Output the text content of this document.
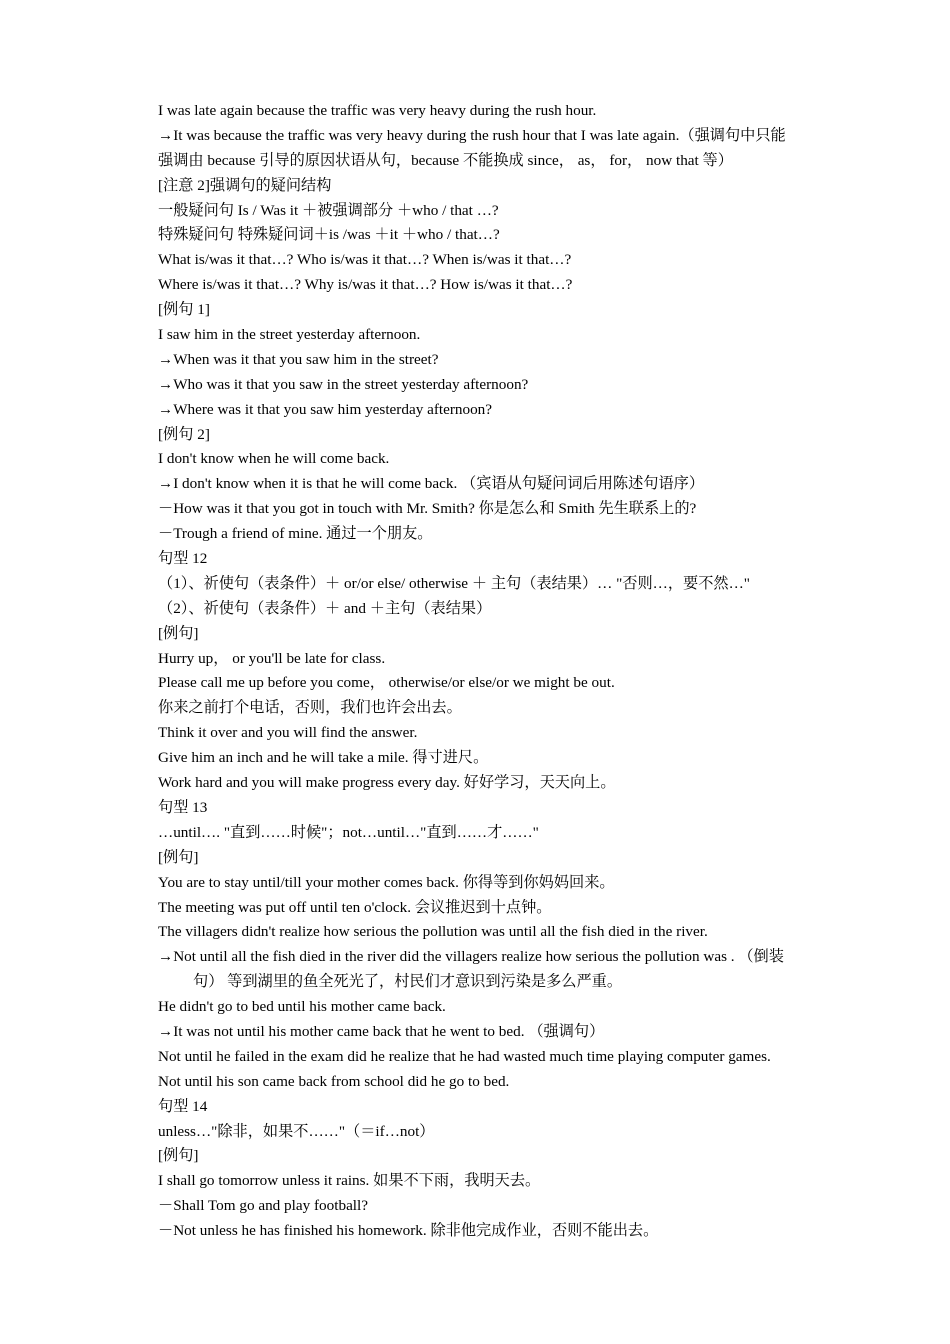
I was late again because the traffic was very heavy during the rush hour.
→It was because the traffic was very heavy during the rush hour that I was late again.（强调句中只能
强调由 because 引导的原因状语从句，because 不能换成 since， as， for， now that 等）
[注意 2]强调句的疑问结构
一般疑问句 Is / Was it ＋被强调部分 ＋who / that …?
特殊疑问句 特殊疑问词＋is /was ＋it ＋who / that…?
What is/was it that…? Who is/was it that…? When is/was it that…?
Where is/was it that…? Why is/was it that…? How is/was it that…?
[例句 1]
I saw him in the street yesterday afternoon.
→When was it that you saw him in the street?
→Who was it that you saw in the street yesterday afternoon?
→Where was it that you saw him yesterday afternoon?
[例句 2]
I don't know when he will come back.
→I don't know when it is that he will come back. （宾语从句疑问词后用陈述句语序）
－How was it that you got in touch with Mr. Smith? 你是怎么和 Smith 先生联系上的?
－Trough a friend of mine. 通过一个朋友。
句型 12
（1）、祈使句（表条件）＋ or/or else/ otherwise ＋ 主句（表结果）… "否则…，要不然…"
（2）、祈使句（表条件）＋ and ＋主句（表结果）
[例句]
Hurry up， or you'll be late for class.
Please call me up before you come， otherwise/or else/or we might be out.
你来之前打个电话，否则，我们也许会出去。
Think it over and you will find the answer.
Give him an inch and he will take a mile. 得寸进尺。
Work hard and you will make progress every day. 好好学习，天天向上。
句型 13
…until…. "直到……时候"；not…until…"直到……才……"
[例句]
You are to stay until/till your mother comes back. 你得等到你妈妈回来。
The meeting was put off until ten o'clock. 会议推迟到十点钟。
The villagers didn't realize how serious the pollution was until all the fish died in the river.
→Not until all the fish died in the river did the villagers realize how serious the pollution was . （倒装
句） 等到湖里的鱼全死光了，村民们才意识到污染是多么严重。
He didn't go to bed until his mother came back.
→It was not until his mother came back that he went to bed. （强调句）
Not until he failed in the exam did he realize that he had wasted much time playing computer games.
Not until his son came back from school did he go to bed.
句型 14
unless…"除非，如果不……"（＝if…not）
[例句]
I shall go tomorrow unless it rains. 如果不下雨，我明天去。
－Shall Tom go and play football?
－Not unless he has finished his homework. 除非他完成作业，否则不能出去。
